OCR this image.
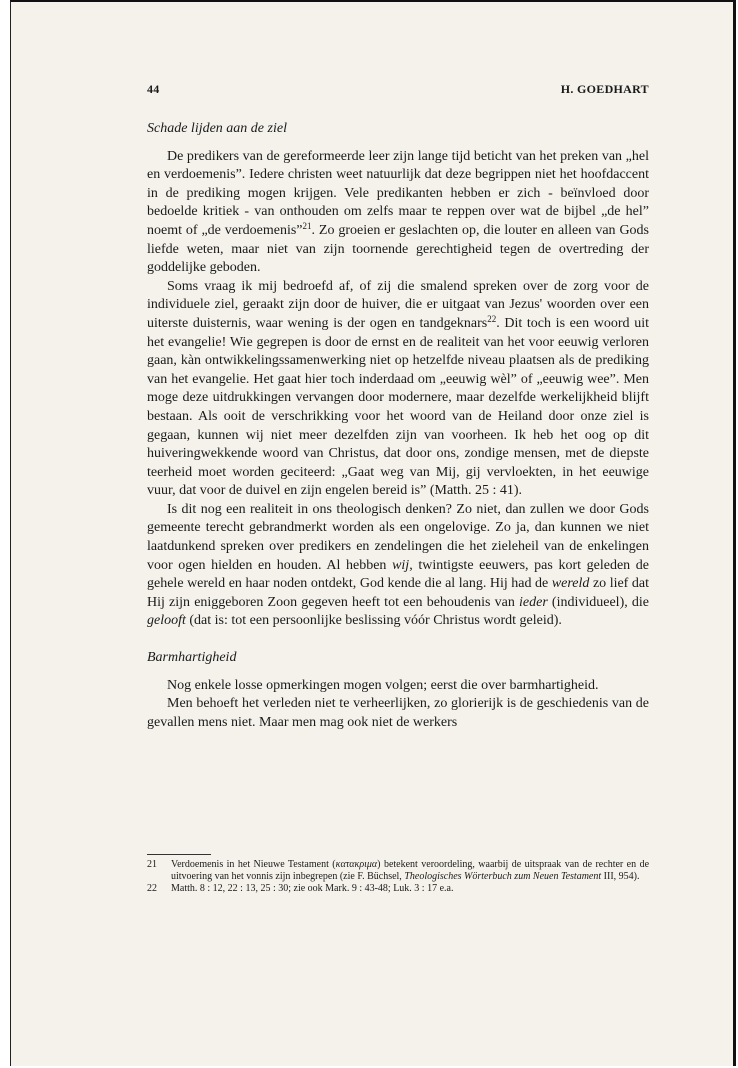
44	H. GOEDHART
Schade lijden aan de ziel

De predikers van de gereformeerde leer zijn lange tijd beticht van het preken van „hel en verdoemenis”. Iedere christen weet natuurlijk dat deze begrippen niet het hoofdaccent in de prediking mogen krijgen. Vele predikanten hebben er zich - beïnvloed door bedoelde kritiek - van onthouden om zelfs maar te reppen over wat de bijbel „de hel” noemt of „de verdoemenis”$^{21}$. Zo groeien er geslachten op, die louter en alleen van Gods liefde weten, maar niet van zijn toornende gerechtigheid tegen de overtreding der goddelijke geboden.

Soms vraag ik mij bedroefd af, of zij die smalend spreken over de zorg voor de individuele ziel, geraakt zijn door de huiver, die er uitgaat van Jezus' woorden over een uiterste duisternis, waar wening is der ogen en tandgeknars$^{22}$. Dit toch is een woord uit het evangelie! Wie gegrepen is door de ernst en de realiteit van het voor eeuwig verloren gaan, kàn ontwikkelingssamenwerking niet op hetzelfde niveau plaatsen als de prediking van het evangelie. Het gaat hier toch inderdaad om „eeuwig wèl” of „eeuwig wee”. Men moge deze uitdrukkingen vervangen door modernere, maar dezelfde werkelijkheid blijft bestaan. Als ooit de verschrikking voor het woord van de Heiland door onze ziel is gegaan, kunnen wij niet meer dezelfden zijn van voorheen. Ik heb het oog op dit huiveringwekkende woord van Christus, dat door ons, zondige mensen, met de diepste teerheid moet worden geciteerd: „Gaat weg van Mij, gij vervloekten, in het eeuwige vuur, dat voor de duivel en zijn engelen bereid is” (Matth. 25 : 41).

Is dit nog een realiteit in ons theologisch denken? Zo niet, dan zullen we door Gods gemeente terecht gebrandmerkt worden als een ongelovige. Zo ja, dan kunnen we niet laatdunkend spreken over predikers en zendelingen die het zieleheil van de enkelingen voor ogen hielden en houden. Al hebben wij, twintigste eeuwers, pas kort geleden de gehele wereld en haar noden ontdekt, God kende die al lang. Hij had de wereld zo lief dat Hij zijn eniggeboren Zoon gegeven heeft tot een behoudenis van ieder (individueel), die gelooft (dat is: tot een persoonlijke beslissing vóór Christus wordt geleid).

Barmhartigheid

Nog enkele losse opmerkingen mogen volgen; eerst die over barmhartigheid.

Men behoeft het verleden niet te verheerlijken, zo glorierijk is de geschiedenis van de gevallen mens niet. Maar men mag ook niet de werkers

21 Verdoemenis in het Nieuwe Testament (κατακριμα) betekent veroordeling, waarbij de uitspraak van de rechter en de uitvoering van het vonnis zijn inbegrepen (zie F. Büchsel, Theologisches Wörterbuch zum Neuen Testament III, 954).
22 Matth. 8 : 12, 22 : 13, 25 : 30; zie ook Mark. 9 : 43-48; Luk. 3 : 17 e.a.
